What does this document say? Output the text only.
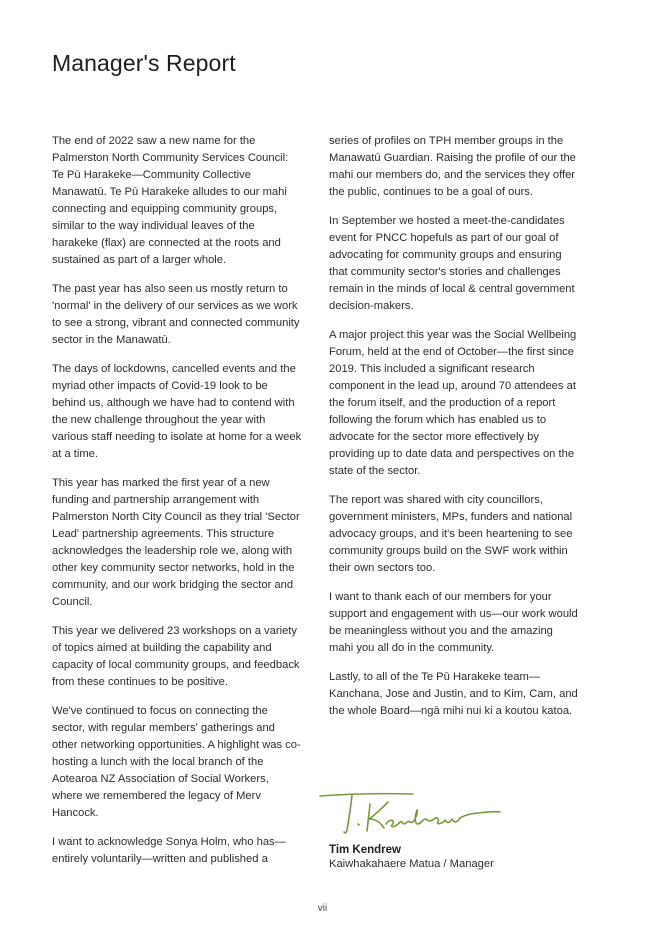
Manager's Report

The end of 2022 saw a new name for the Palmerston North Community Services Council: Te Pū Harakeke—Community Collective Manawatū. Te Pū Harakeke alludes to our mahi connecting and equipping community groups, similar to the way individual leaves of the harakeke (flax) are connected at the roots and sustained as part of a larger whole.

The past year has also seen us mostly return to 'normal' in the delivery of our services as we work to see a strong, vibrant and connected community sector in the Manawatū.

The days of lockdowns, cancelled events and the myriad other impacts of Covid-19 look to be behind us, although we have had to contend with the new challenge throughout the year with various staff needing to isolate at home for a week at a time.

This year has marked the first year of a new funding and partnership arrangement with Palmerston North City Council as they trial 'Sector Lead' partnership agreements. This structure acknowledges the leadership role we, along with other key community sector networks, hold in the community, and our work bridging the sector and Council.

This year we delivered 23 workshops on a variety of topics aimed at building the capability and capacity of local community groups, and feedback from these continues to be positive.

We've continued to focus on connecting the sector, with regular members' gatherings and other networking opportunities. A highlight was co-hosting a lunch with the local branch of the Aotearoa NZ Association of Social Workers, where we remembered the legacy of Merv Hancock.

I want to acknowledge Sonya Holm, who has—entirely voluntarily—written and published a

series of profiles on TPH member groups in the Manawatū Guardian. Raising the profile of our the mahi our members do, and the services they offer the public, continues to be a goal of ours.

In September we hosted a meet-the-candidates event for PNCC hopefuls as part of our goal of advocating for community groups and ensuring that community sector's stories and challenges remain in the minds of local & central government decision-makers.

A major project this year was the Social Wellbeing Forum, held at the end of October—the first since 2019. This included a significant research component in the lead up, around 70 attendees at the forum itself, and the production of a report following the forum which has enabled us to advocate for the sector more effectively by providing up to date data and perspectives on the state of the sector.

The report was shared with city councillors, government ministers, MPs, funders and national advocacy groups, and it's been heartening to see community groups build on the SWF work within their own sectors too.

I want to thank each of our members for your support and engagement with us—our work would be meaningless without you and the amazing mahi you all do in the community.

Lastly, to all of the Te Pū Harakeke team—Kanchana, Jose and Justin, and to Kim, Cam, and the whole Board—ngā mihi nui ki a koutou katoa.

Tim Kendrew
Kaiwhakahaere Matua / Manager
vii
